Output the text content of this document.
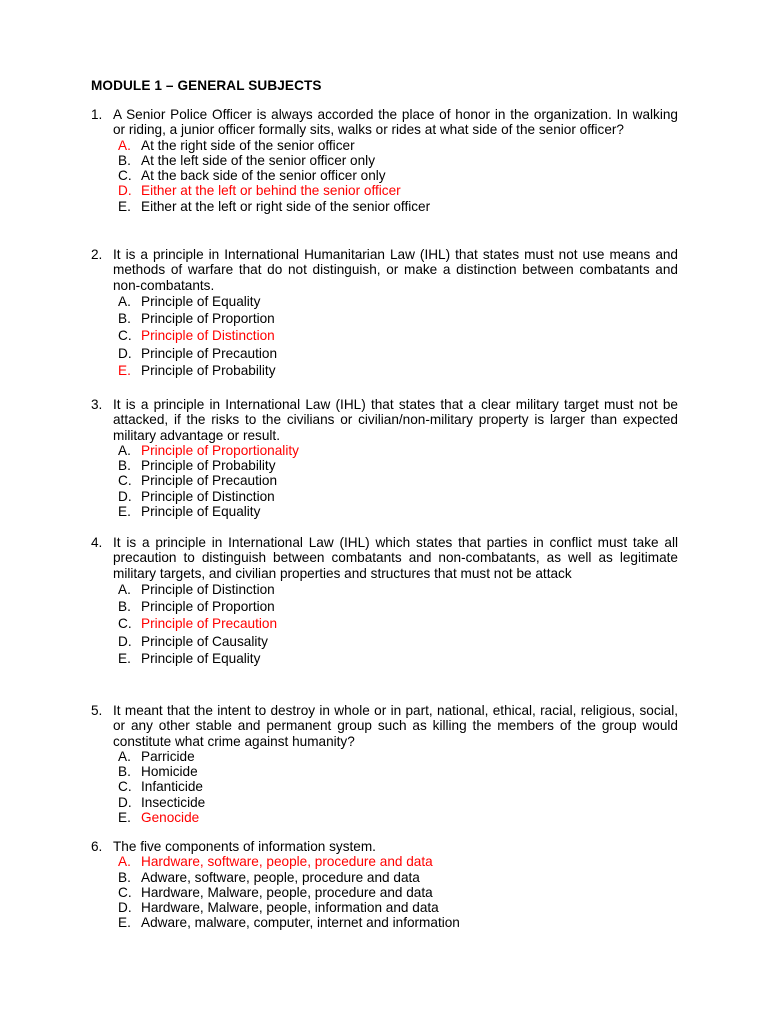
MODULE 1 – GENERAL SUBJECTS
1. A Senior Police Officer is always accorded the place of honor in the organization. In walking or riding, a junior officer formally sits, walks or rides at what side of the senior officer?
A. At the right side of the senior officer
B. At the left side of the senior officer only
C. At the back side of the senior officer only
D. Either at the left or behind the senior officer
E. Either at the left or right side of the senior officer
2. It is a principle in International Humanitarian Law (IHL) that states must not use means and methods of warfare that do not distinguish, or make a distinction between combatants and non-combatants.
A. Principle of Equality
B. Principle of Proportion
C. Principle of Distinction
D. Principle of Precaution
E. Principle of Probability
3. It is a principle in International Law (IHL) that states that a clear military target must not be attacked, if the risks to the civilians or civilian/non-military property is larger than expected military advantage or result.
A. Principle of Proportionality
B. Principle of Probability
C. Principle of Precaution
D. Principle of Distinction
E. Principle of Equality
4. It is a principle in International Law (IHL) which states that parties in conflict must take all precaution to distinguish between combatants and non-combatants, as well as legitimate military targets, and civilian properties and structures that must not be attack
A. Principle of Distinction
B. Principle of Proportion
C. Principle of Precaution
D. Principle of Causality
E. Principle of Equality
5. It meant that the intent to destroy in whole or in part, national, ethical, racial, religious, social, or any other stable and permanent group such as killing the members of the group would constitute what crime against humanity?
A. Parricide
B. Homicide
C. Infanticide
D. Insecticide
E. Genocide
6. The five components of information system.
A. Hardware, software, people, procedure and data
B. Adware, software, people, procedure and data
C. Hardware, Malware, people, procedure and data
D. Hardware, Malware, people, information and data
E. Adware, malware, computer, internet and information
